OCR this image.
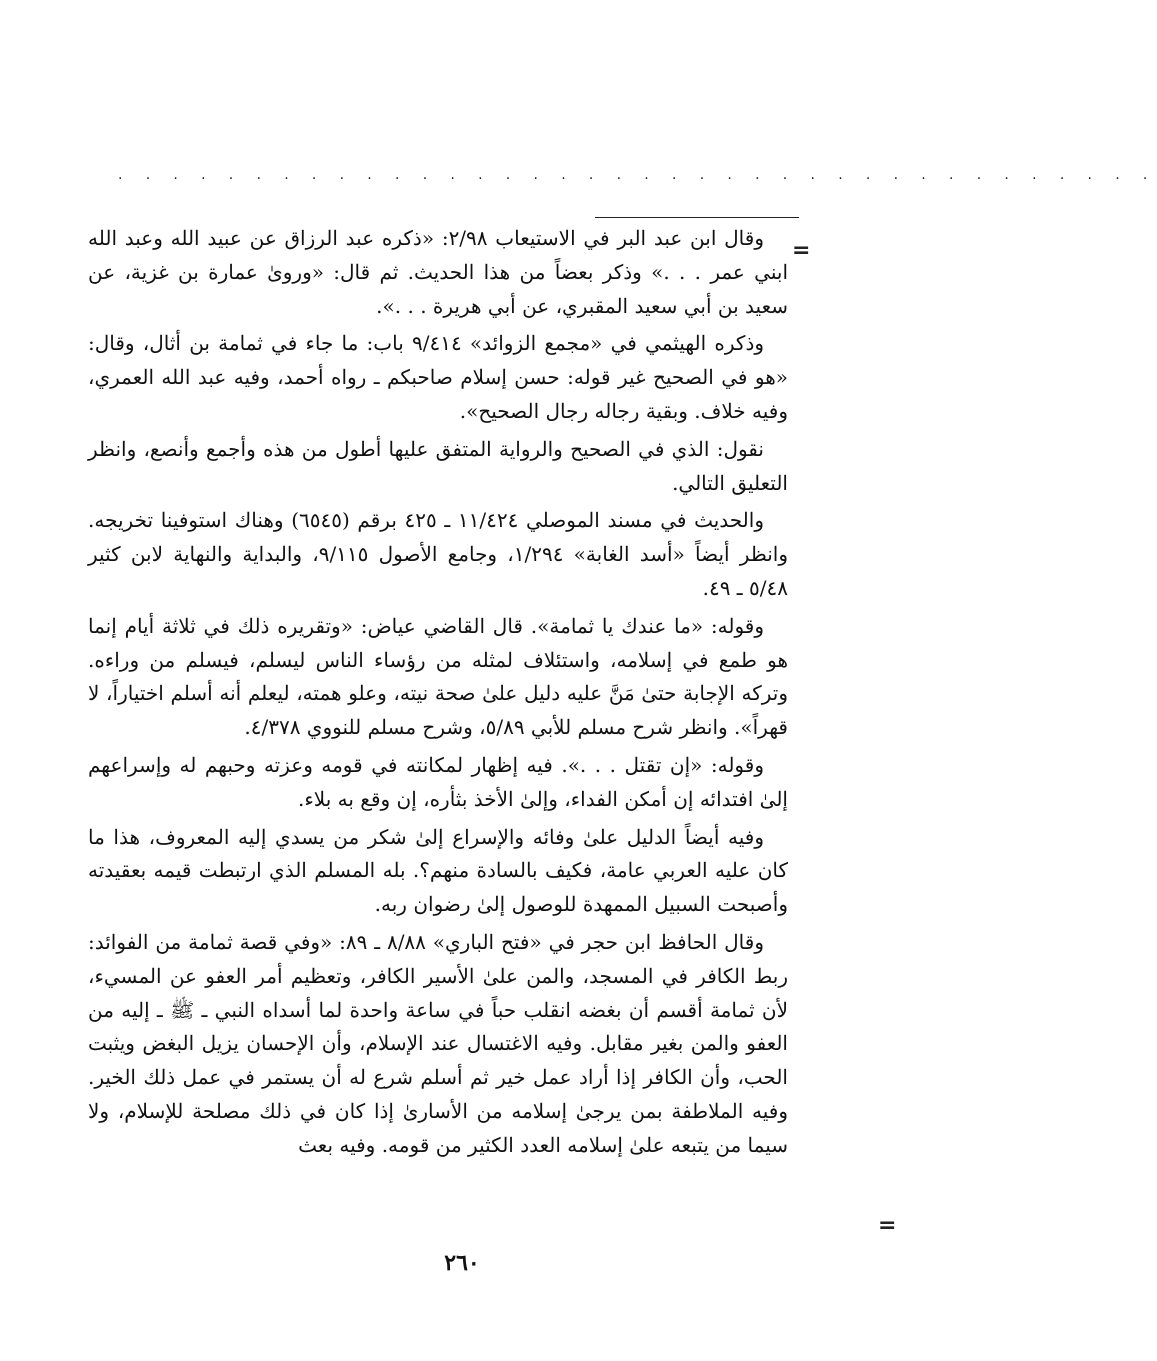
. . . . . . . . . . . . . . . . . . . . . . . . . . . . . . . . . . . . . .
=

وقال ابن عبد البر في الاستيعاب ٢/٩٨: «ذكره عبد الرزاق عن عبيد الله وعبد الله ابني عمر . . .» وذكر بعضاً من هذا الحديث. ثم قال: «وروىٰ عمارة بن غزية، عن سعيد بن أبي سعيد المقبري، عن أبي هريرة . . .».

وذكره الهيثمي في «مجمع الزوائد» ٩/٤١٤ باب: ما جاء في ثمامة بن أثال، وقال: «هو في الصحيح غير قوله: حسن إسلام صاحبكم ـ رواه أحمد، وفيه عبد الله العمري، وفيه خلاف. وبقية رجاله رجال الصحيح».

نقول: الذي في الصحيح والرواية المتفق عليها أطول من هذه وأجمع وأنصع، وانظر التعليق التالي.

والحديث في مسند الموصلي ١١/٤٢٤ ـ ٤٢٥ برقم (٦٥٤٥) وهناك استوفينا تخريجه. وانظر أيضاً «أسد الغابة» ١/٢٩٤، وجامع الأصول ٩/١١٥، والبداية والنهاية لابن كثير ٥/٤٨ ـ ٤٩.

وقوله: «ما عندك يا ثمامة». قال القاضي عياض: «وتقريره ذلك في ثلاثة أيام إنما هو طمع في إسلامه، واستئلاف لمثله من رؤساء الناس ليسلم، فيسلم من وراءه. وتركه الإجابة حتىٰ مَنَّ عليه دليل علىٰ صحة نيته، وعلو همته، ليعلم أنه أسلم اختياراً، لا قهراً». وانظر شرح مسلم للأبي ٥/٨٩، وشرح مسلم للنووي ٤/٣٧٨.

وقوله: «إن تقتل . . .». فيه إظهار لمكانته في قومه وعزته وحبهم له وإسراعهم إلىٰ افتدائه إن أمكن الفداء، وإلىٰ الأخذ بثأره، إن وقع به بلاء.

وفيه أيضاً الدليل علىٰ وفائه والإسراع إلىٰ شكر من يسدي إليه المعروف، هذا ما كان عليه العربي عامة، فكيف بالسادة منهم؟. بله المسلم الذي ارتبطت قيمه بعقيدته وأصبحت السبيل الممهدة للوصول إلىٰ رضوان ربه.

وقال الحافظ ابن حجر في «فتح الباري» ٨/٨٨ ـ ٨٩: «وفي قصة ثمامة من الفوائد: ربط الكافر في المسجد، والمن علىٰ الأسير الكافر، وتعظيم أمر العفو عن المسيء، لأن ثمامة أقسم أن بغضه انقلب حباً في ساعة واحدة لما أسداه النبي ـ ﷺ ـ إليه من العفو والمن بغير مقابل. وفيه الاغتسال عند الإسلام، وأن الإحسان يزيل البغض ويثبت الحب، وأن الكافر إذا أراد عمل خير ثم أسلم شرع له أن يستمر في عمل ذلك الخير. وفيه الملاطفة بمن يرجىٰ إسلامه من الأسارىٰ إذا كان في ذلك مصلحة للإسلام، ولا سيما من يتبعه علىٰ إسلامه العدد الكثير من قومه. وفيه بعث

=
٢٦٠
